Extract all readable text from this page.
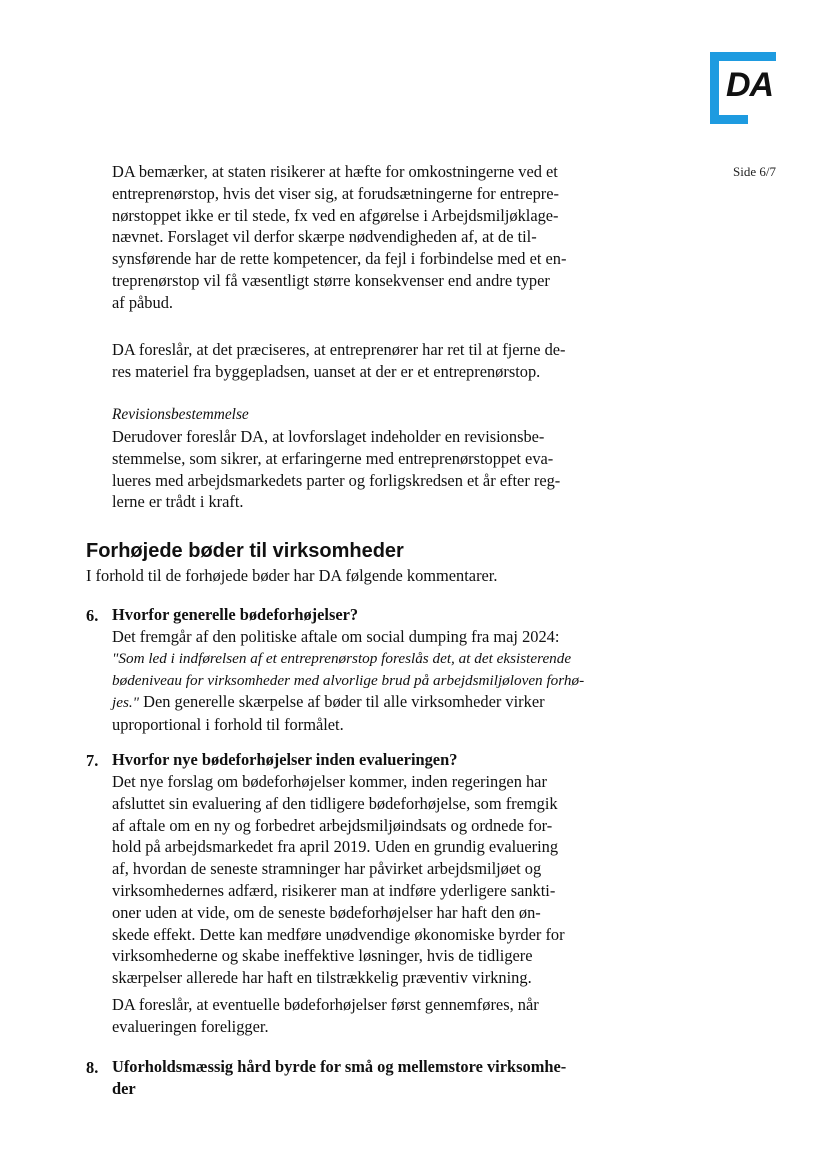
DA
Side 6/7

DA bemærker, at staten risikerer at hæfte for omkostningerne ved et
entreprenørstop, hvis det viser sig, at forudsætningerne for entrepre-
nørstoppet ikke er til stede, fx ved en afgørelse i Arbejdsmiljøklage-
nævnet. Forslaget vil derfor skærpe nødvendigheden af, at de til-
synsførende har de rette kompetencer, da fejl i forbindelse med et en-
treprenørstop vil få væsentligt større konsekvenser end andre typer
af påbud.

DA foreslår, at det præciseres, at entreprenører har ret til at fjerne de-
res materiel fra byggepladsen, uanset at der er et entreprenørstop.

Revisionsbestemmelse

Derudover foreslår DA, at lovforslaget indeholder en revisionsbe-
stemmelse, som sikrer, at erfaringerne med entreprenørstoppet eva-
lueres med arbejdsmarkedets parter og forligskredsen et år efter reg-
lerne er trådt i kraft.

Forhøjede bøder til virksomheder

I forhold til de forhøjede bøder har DA følgende kommentarer.

6. Hvorfor generelle bødeforhøjelser?

Det fremgår af den politiske aftale om social dumping fra maj 2024:
"Som led i indførelsen af et entreprenørstop foreslås det, at det eksisterende
bødeniveau for virksomheder med alvorlige brud på arbejdsmiljøloven forhø-
jes." Den generelle skærpelse af bøder til alle virksomheder virker
uproportional i forhold til formålet.

7. Hvorfor nye bødeforhøjelser inden evalueringen?

Det nye forslag om bødeforhøjelser kommer, inden regeringen har
afsluttet sin evaluering af den tidligere bødeforhøjelse, som fremgik
af aftale om en ny og forbedret arbejdsmiljøindsats og ordnede for-
hold på arbejdsmarkedet fra april 2019. Uden en grundig evaluering
af, hvordan de seneste stramninger har påvirket arbejdsmiljøet og
virksomhedernes adfærd, risikerer man at indføre yderligere sankti-
oner uden at vide, om de seneste bødeforhøjelser har haft den øn-
skede effekt. Dette kan medføre unødvendige økonomiske byrder for
virksomhederne og skabe ineffektive løsninger, hvis de tidligere
skærpelser allerede har haft en tilstrækkelig præventiv virkning.

DA foreslår, at eventuelle bødeforhøjelser først gennemføres, når
evalueringen foreligger.

8. Uforholdsmæssig hård byrde for små og mellemstore virksomhe-
der
